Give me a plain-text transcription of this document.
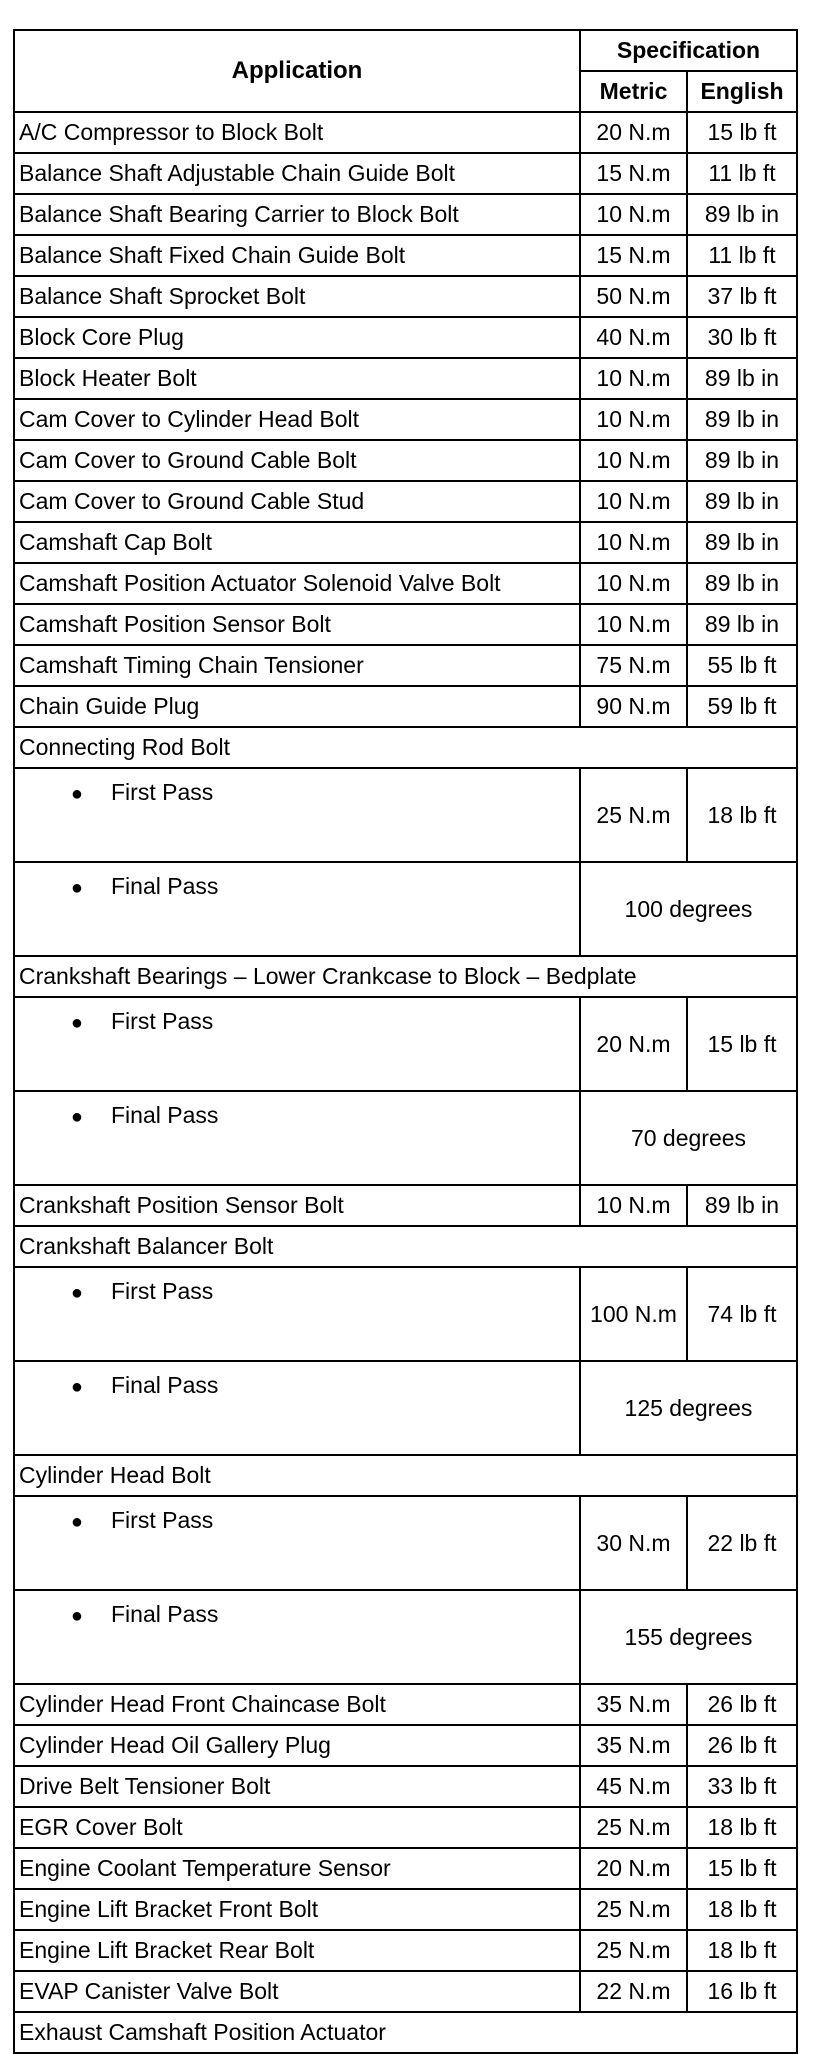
Application	Specification	
	Metric	English
A/C Compressor to Block Bolt	20 N.m	15 lb ft
Balance Shaft Adjustable Chain Guide Bolt	15 N.m	11 lb ft
Balance Shaft Bearing Carrier to Block Bolt	10 N.m	89 lb in
Balance Shaft Fixed Chain Guide Bolt	15 N.m	11 lb ft
Balance Shaft Sprocket Bolt	50 N.m	37 lb ft
Block Core Plug	40 N.m	30 lb ft
Block Heater Bolt	10 N.m	89 lb in
Cam Cover to Cylinder Head Bolt	10 N.m	89 lb in
Cam Cover to Ground Cable Bolt	10 N.m	89 lb in
Cam Cover to Ground Cable Stud	10 N.m	89 lb in
Camshaft Cap Bolt	10 N.m	89 lb in
Camshaft Position Actuator Solenoid Valve Bolt	10 N.m	89 lb in
Camshaft Position Sensor Bolt	10 N.m	89 lb in
Camshaft Timing Chain Tensioner	75 N.m	55 lb ft
Chain Guide Plug	90 N.m	59 lb ft
Connecting Rod Bolt		
● First Pass	25 N.m	18 lb ft
● Final Pass	100 degrees	
Crankshaft Bearings – Lower Crankcase to Block – Bedplate		
● First Pass	20 N.m	15 lb ft
● Final Pass	70 degrees	
Crankshaft Position Sensor Bolt	10 N.m	89 lb in
Crankshaft Balancer Bolt		
● First Pass	100 N.m	74 lb ft
● Final Pass	125 degrees	
Cylinder Head Bolt		
● First Pass	30 N.m	22 lb ft
● Final Pass	155 degrees	
Cylinder Head Front Chaincase Bolt	35 N.m	26 lb ft
Cylinder Head Oil Gallery Plug	35 N.m	26 lb ft
Drive Belt Tensioner Bolt	45 N.m	33 lb ft
EGR Cover Bolt	25 N.m	18 lb ft
Engine Coolant Temperature Sensor	20 N.m	15 lb ft
Engine Lift Bracket Front Bolt	25 N.m	18 lb ft
Engine Lift Bracket Rear Bolt	25 N.m	18 lb ft
EVAP Canister Valve Bolt	22 N.m	16 lb ft
Exhaust Camshaft Position Actuator		
